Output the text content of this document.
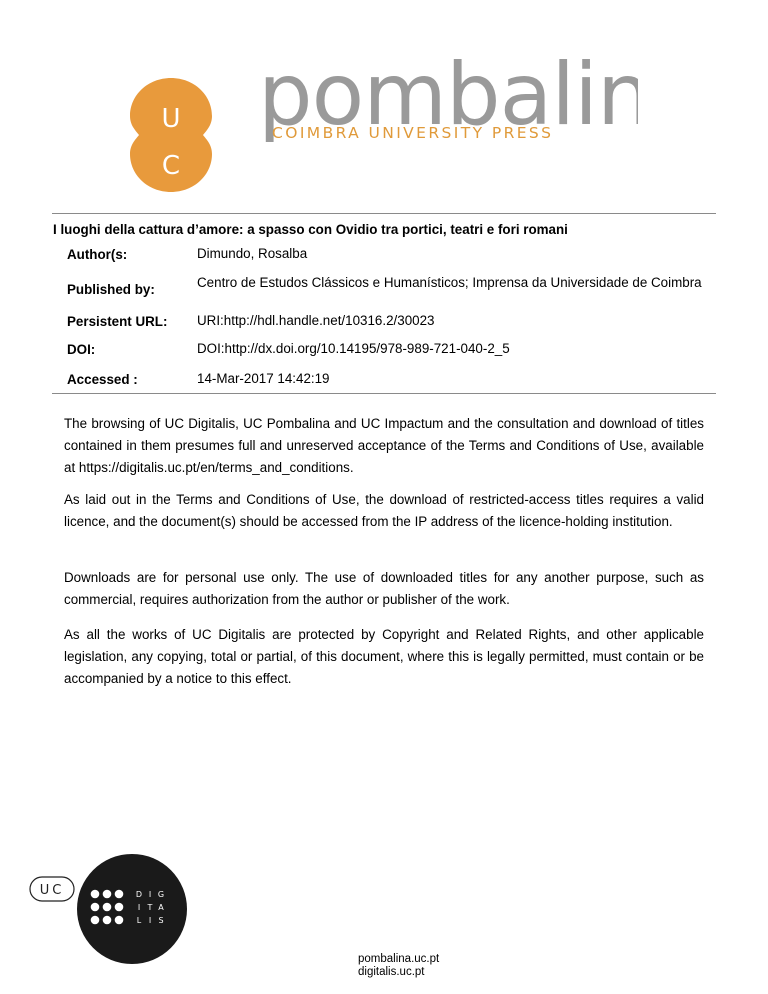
U
C
pombalin
COIMBRA UNIVERSITY PRESS
I luoghi della cattura d’amore: a spasso con Ovidio tra portici, teatri e fori romani
Author(s:	Dimundo, Rosalba
Published by:	Centro de Estudos Clássicos e Humanísticos; Imprensa da Universidade de Coimbra
Persistent URL: URI:http://hdl.handle.net/10316.2/30023
DOI:	DOI:http://dx.doi.org/10.14195/978-989-721-040-2_5
Accessed :	14-Mar-2017 14:42:19
The browsing of UC Digitalis, UC Pombalina and UC Impactum and the consultation and download of titles contained in them presumes full and unreserved acceptance of the Terms and Conditions of Use, available at https://digitalis.uc.pt/en/terms_and_conditions.
As laid out in the Terms and Conditions of Use, the download of restricted-access titles requires a valid licence, and the document(s) should be accessed from the IP address of the licence-holding institution.
Downloads are for personal use only. The use of downloaded titles for any another purpose, such as commercial, requires authorization from the author or publisher of the work.
As all the works of UC Digitalis are protected by Copyright and Related Rights, and other applicable legislation, any copying, total or partial, of this document, where this is legally permitted, must contain or be accompanied by a notice to this effect.
UC	D I G
I T A
L I S
pombalina.uc.pt
digitalis.uc.pt
